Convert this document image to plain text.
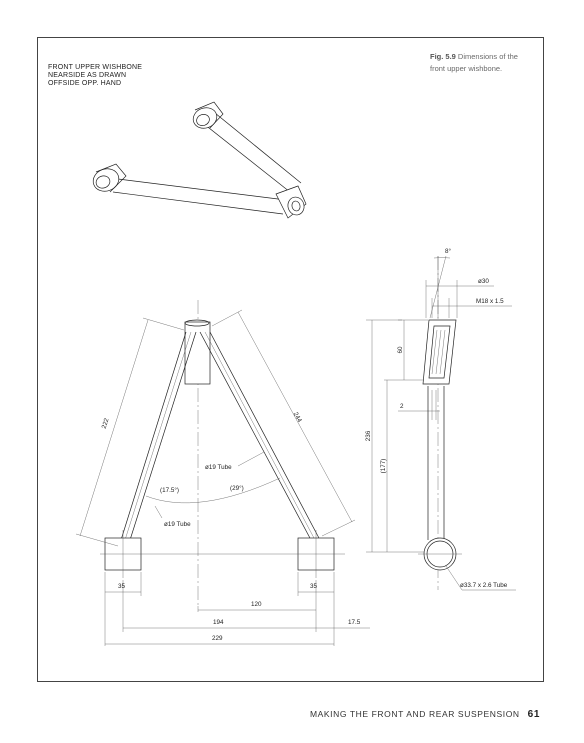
FRONT UPPER WISHBONE
NEARSIDE AS DRAWN
OFFSIDE OPP. HAND
Fig. 5.9 Dimensions of the front upper wishbone.
222	244
(17.5°)	(29°)
ø19 Tube
ø19 Tube
35	35
120
194	17.5
229
8°
ø30
M18 x 1.5
60
2
236
(177)
ø33.7 x 2.6 Tube
MAKING THE FRONT AND REAR SUSPENSION 61
